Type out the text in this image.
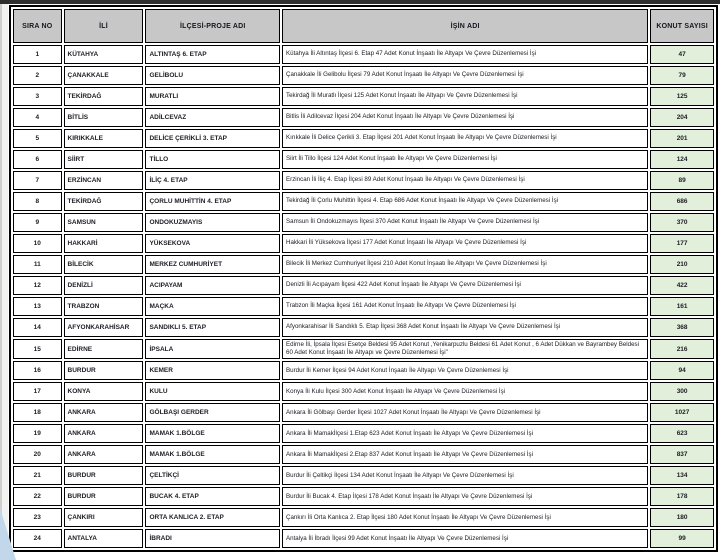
SIRA NO	İLİ	İLÇESİ-PROJE ADI	İŞİN ADI	KONUT SAYISI
1	KÜTAHYA	ALTINTAŞ 6. ETAP	Kütahya İli Altıntaş İlçesi 6. Etap 47 Adet Konut İnşaatı İle Altyapı Ve Çevre Düzenlemesi İşi	47
2	ÇANAKKALE	GELİBOLU	Çanakkale İli Gelibolu İlçesi 79 Adet Konut İnşaatı İle Altyapı Ve Çevre Düzenlemesi İşi	79
3	TEKİRDAĞ	MURATLI	Tekirdağ İli Muratlı İlçesi 125 Adet Konut İnşaatı İle Altyapı Ve Çevre Düzenlemesi İşi	125
4	BİTLİS	ADİLCEVAZ	Bitlis İli Adilcevaz İlçesi 204 Adet Konut İnşaatı İle Altyapı Ve Çevre Düzenlemesi İşi	204
5	KIRIKKALE	DELİCE ÇERİKLİ 3. ETAP	Kırıkkale İli Delice Çerikli 3. Etap İlçesi 201 Adet Konut İnşaatı İle Altyapı Ve Çevre Düzenlemesi İşi	201
6	SİİRT	TİLLO	Siirt İli Tillo İlçesi 124 Adet Konut İnşaatı İle Altyapı Ve Çevre Düzenlemesi İşi	124
7	ERZİNCAN	İLİÇ 4. ETAP	Erzincan İli İliç 4. Etap İlçesi 89 Adet Konut İnşaatı İle Altyapı Ve Çevre Düzenlemesi İşi	89
8	TEKİRDAĞ	ÇORLU MUHİTTİN 4. ETAP	Tekirdağ İli Çorlu Muhittin İlçesi 4. Etap 686 Adet Konut İnşaatı İle Altyapı Ve Çevre Düzenlemesi İşi	686
9	SAMSUN	ONDOKUZMAYIS	Samsun İli Ondokuzmayıs İlçesi 370 Adet Konut İnşaatı İle Altyapı Ve Çevre Düzenlemesi İşi	370
10	HAKKARİ	YÜKSEKOVA	Hakkari İli Yüksekova İlçesi 177 Adet Konut İnşaatı İle Altyapı Ve Çevre Düzenlemesi İşi	177
11	BİLECİK	MERKEZ CUMHURİYET	Bilecik İli Merkez Cumhuriyet İlçesi 210 Adet Konut İnşaatı İle Altyapı Ve Çevre Düzenlemesi İşi	210
12	DENİZLİ	ACIPAYAM	Denizli İli Acıpayam İlçesi 422 Adet Konut İnşaatı İle Altyapı Ve Çevre Düzenlemesi İşi	422
13	TRABZON	MAÇKA	Trabzon İli Maçka İlçesi 161 Adet Konut İnşaatı İle Altyapı Ve Çevre Düzenlemesi İşi	161
14	AFYONKARAHİSAR	SANDIKLI 5. ETAP	Afyonkarahisar İli Sandıklı 5. Etap İlçesi 368 Adet Konut İnşaatı İle Altyapı Ve Çevre Düzenlemesi İşi	368
15	EDİRNE	İPSALA	Edirne İli, İpsala İlçesi Esetçe Beldesi 95 Adet Konut ,Yenikarpuzlu Beldesi 61 Adet Konut , 6 Adet Dükkan ve Bayrambey Beldesi 60 Adet Konut İnşaatı İle Altyapı ve Çevre Düzenlemesi İşi"	216
16	BURDUR	KEMER	Burdur İli Kemer İlçesi 94 Adet Konut İnşaatı İle Altyapı Ve Çevre Düzenlemesi İşi	94
17	KONYA	KULU	Konya İli Kulu İlçesi 300 Adet Konut İnşaatı İle Altyapı Ve Çevre Düzenlemesi İşi	300
18	ANKARA	GÖLBAŞI GERDER	Ankara İli Gölbaşı Gerder İlçesi 1027 Adet Konut İnşaatı İle Altyapı Ve Çevre Düzenlemesi İşi	1027
19	ANKARA	MAMAK 1.BÖLGE	Ankara İli Mamakİlçesi 1.Etap 623 Adet Konut İnşaatı İle Altyapı Ve Çevre Düzenlemesi İşi	623
20	ANKARA	MAMAK 1.BÖLGE	Ankara İli Mamakİlçesi 2.Etap 837 Adet Konut İnşaatı İle Altyapı Ve Çevre Düzenlemesi İşi	837
21	BURDUR	ÇELTİKÇİ	Burdur İli Çeltikçi İlçesi 134 Adet Konut İnşaatı İle Altyapı Ve Çevre Düzenlemesi İşi	134
22	BURDUR	BUCAK 4. ETAP	Burdur İli Bucak 4. Etap İlçesi 178 Adet Konut İnşaatı İle Altyapı Ve Çevre Düzenlemesi İşi	178
23	ÇANKIRI	ORTA KANLICA 2. ETAP	Çankırı İli Orta Kanlıca 2. Etap İlçesi 180 Adet Konut İnşaatı İle Altyapı Ve Çevre Düzenlemesi İşi	180
24	ANTALYA	İBRADI	Antalya İli İbradı İlçesi 99 Adet Konut İnşaatı İle Altyapı Ve Çevre Düzenlemesi İşi	99
